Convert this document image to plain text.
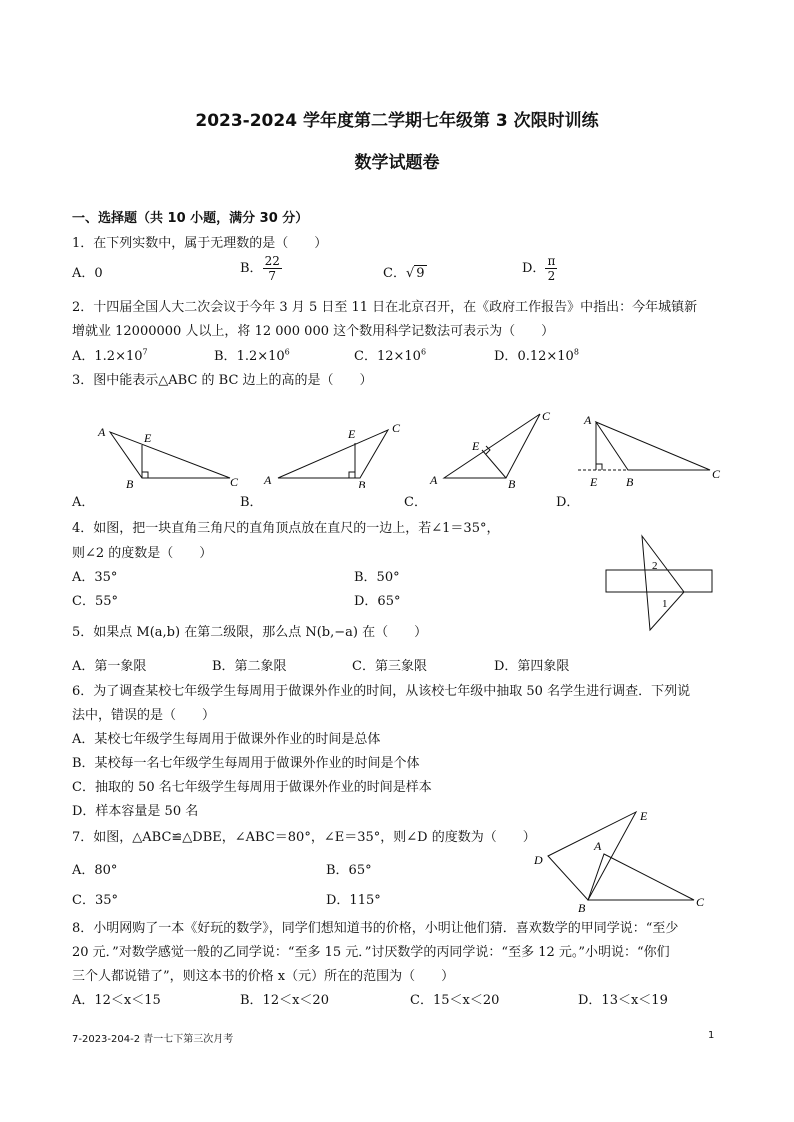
2023-2024 学年度第二学期七年级第 3 次限时训练
数学试题卷
一、选择题（共 10 小题，满分 30 分）
1．在下列实数中，属于无理数的是（　　）
A．0	B． $\frac{22}{7}$	C．√ 9	D． $\frac{\pi}{2}$
2．十四届全国人大二次会议于今年 3 月 5 日至 11 日在北京召开，在《政府工作报告》中指出：今年城镇新
增就业 12000000 人以上，将 12 000 000 这个数用科学记数法可表示为（　　）
A．$1.2\times 10^7$	B．$1.2\times 10^6$	C．$12\times 10^6$	D．$0.12\times 10^8$
3．图中能表示△ABC 的 BC 边上的高的是（　　）
A	E
B	C
A．
A
E
B
C
B．
A
E
B
C
C．
A
E B
C
D．
4．如图，把一块直角三角尺的直角顶点放在直尺的一边上，若∠1＝35°，
则∠2 的度数是（　　）
A．35°	B．50°
C．55°	D．65°
2
1
5．如果点 M(a,b) 在第二级限，那么点 N(b,−a) 在（　　）
A．第一象限	B．第二象限	C．第三象限	D．第四象限
6．为了调查某校七年级学生每周用于做课外作业的时间，从该校七年级中抽取 50 名学生进行调查．下列说
法中，错误的是（　　）
A．某校七年级学生每周用于做课外作业的时间是总体
B．某校每一名七年级学生每周用于做课外作业的时间是个体
C．抽取的 50 名七年级学生每周用于做课外作业的时间是样本
D．样本容量是 50 名
7．如图，△ABC≌△DBE，∠ABC＝80°，∠E＝35°，则∠D 的度数为（　　）
A．80°	B．65°
C．35°	D．115°
E
A
D
B	C
8．小明网购了一本《好玩的数学》，同学们想知道书的价格，小明让他们猜．喜欢数学的甲同学说：“至少
20 元．”对数学感觉一般的乙同学说：“至多 15 元．”讨厌数学的丙同学说：“至多 12 元。”小明说：“你们
三个人都说错了”，则这本书的价格 x（元）所在的范围为（　　）
A．12＜x＜15	B．12＜x＜20	C．15＜x＜20	D．13＜x＜19
7-2023-204-2 青一七下第三次月考	1
